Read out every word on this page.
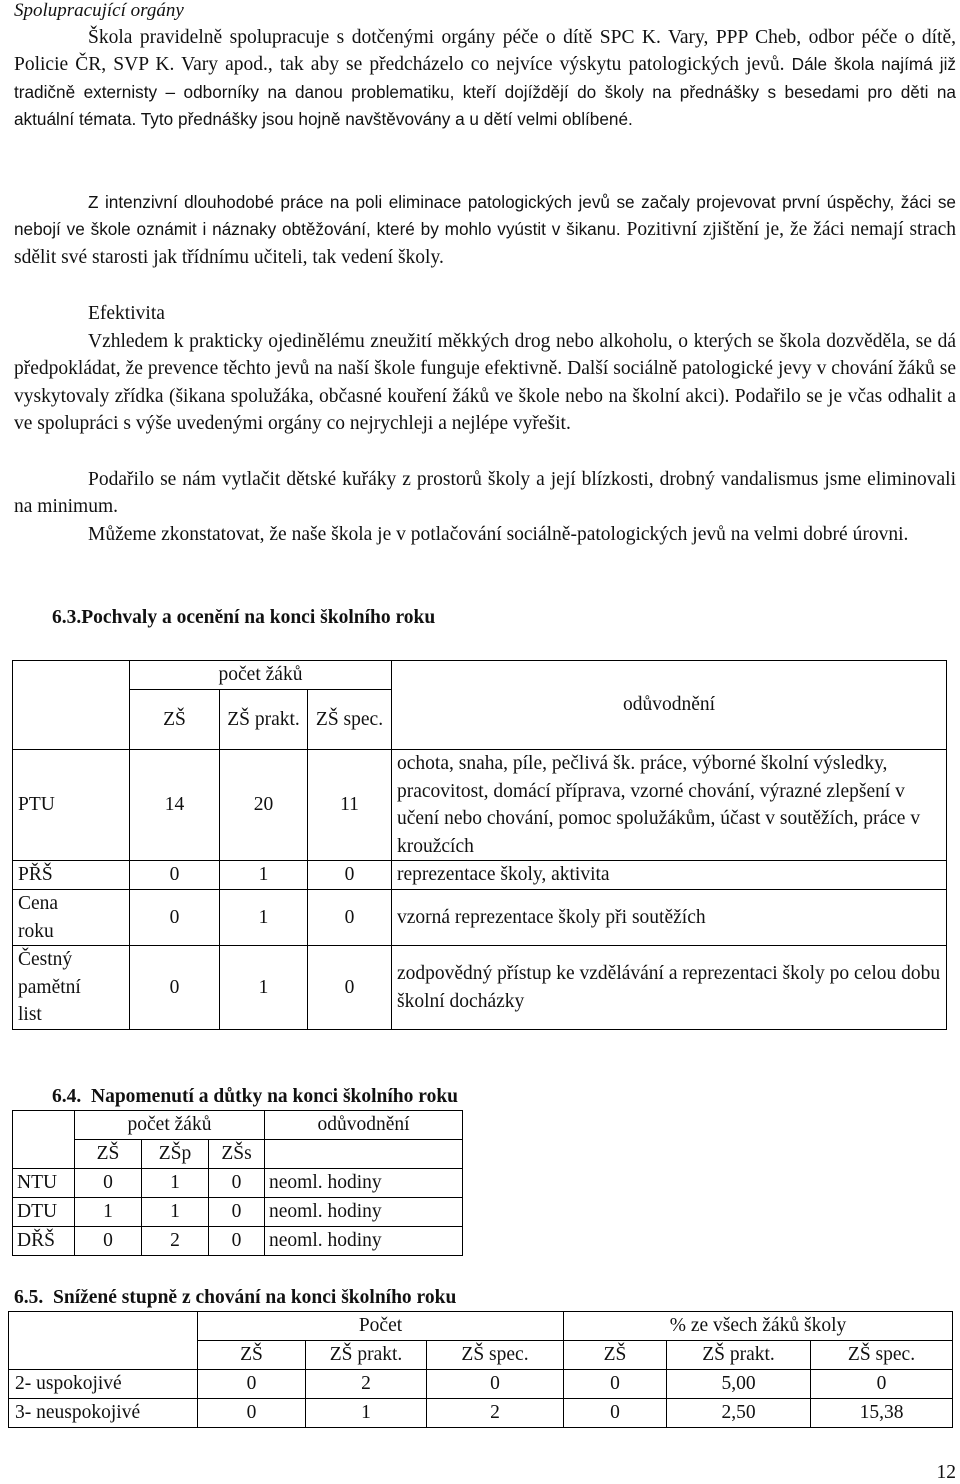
Spolupracující orgány
Škola pravidelně spolupracuje s dotčenými orgány péče o dítě SPC K. Vary, PPP Cheb, odbor péče o dítě, Policie ČR, SVP K. Vary apod., tak aby se předcházelo co nejvíce výskytu patologických jevů. Dále škola najímá již tradičně externisty – odborníky na danou problematiku, kteří dojíždějí do školy na přednášky s besedami pro děti na aktuální témata. Tyto přednášky jsou hojně navštěvovány a u dětí velmi oblíbené.
Z intenzivní dlouhodobé práce na poli eliminace patologických jevů se začaly projevovat první úspěchy, žáci se nebojí ve škole oznámit i náznaky obtěžování, které by mohlo vyústit v šikanu. Pozitivní zjištění je, že žáci nemají strach sdělit své starosti jak třídnímu učiteli, tak vedení školy.
Efektivita
Vzhledem k prakticky ojedinělému zneužití měkkých drog nebo alkoholu, o kterých se škola dozvěděla, se dá předpokládat, že prevence těchto jevů na naší škole funguje efektivně. Další sociálně patologické jevy v chování žáků se vyskytovaly zřídka (šikana spolužáka, občasné kouření žáků ve škole nebo na školní akci). Podařilo se je včas odhalit a ve spolupráci s výše uvedenými orgány co nejrychleji a nejlépe vyřešit.
Podařilo se nám vytlačit dětské kuřáky z prostorů školy a její blízkosti, drobný vandalismus jsme eliminovali na minimum.
Můžeme zkonstatovat, že naše škola je v potlačování sociálně-patologických jevů na velmi dobré úrovni.
6.3.Pochvaly a ocenění na konci školního roku
	počet žáků			odůvodnění
	ZŠ	ZŠ prakt.	ZŠ spec.	

PTU	14	20	11	ochota, snaha, píle, pečlivá šk. práce, výborné školní výsledky, pracovitost, domácí příprava, vzorné chování, výrazné zlepšení v učení nebo chování, pomoc spolužákům, účast v soutěžích, práce v kroužcích
PŘŠ	0	1	0	reprezentace školy, aktivita
Cena roku	0	1	0	vzorná reprezentace školy při soutěžích
Čestný pamětní list	0	1	0	zodpovědný přístup ke vzdělávání a reprezentaci školy po celou dobu školní docházky
6.4.  Napomenutí a důtky na konci školního roku
	počet žáků			odůvodnění
	ZŠ	ZŠp	ZŠs	
NTU	0	1	0	neoml. hodiny
DTU	1	1	0	neoml. hodiny
DŘŠ	0	2	0	neoml. hodiny
6.5.  Snížené stupně z chování na konci školního roku
	Počet			% ze všech žáků školy		
	ZŠ	ZŠ prakt.	ZŠ spec.	ZŠ	ZŠ prakt.	ZŠ spec.
2- uspokojivé	0	2	0	0	5,00	0
3- neuspokojivé	0	1	2	0	2,50	15,38
12
